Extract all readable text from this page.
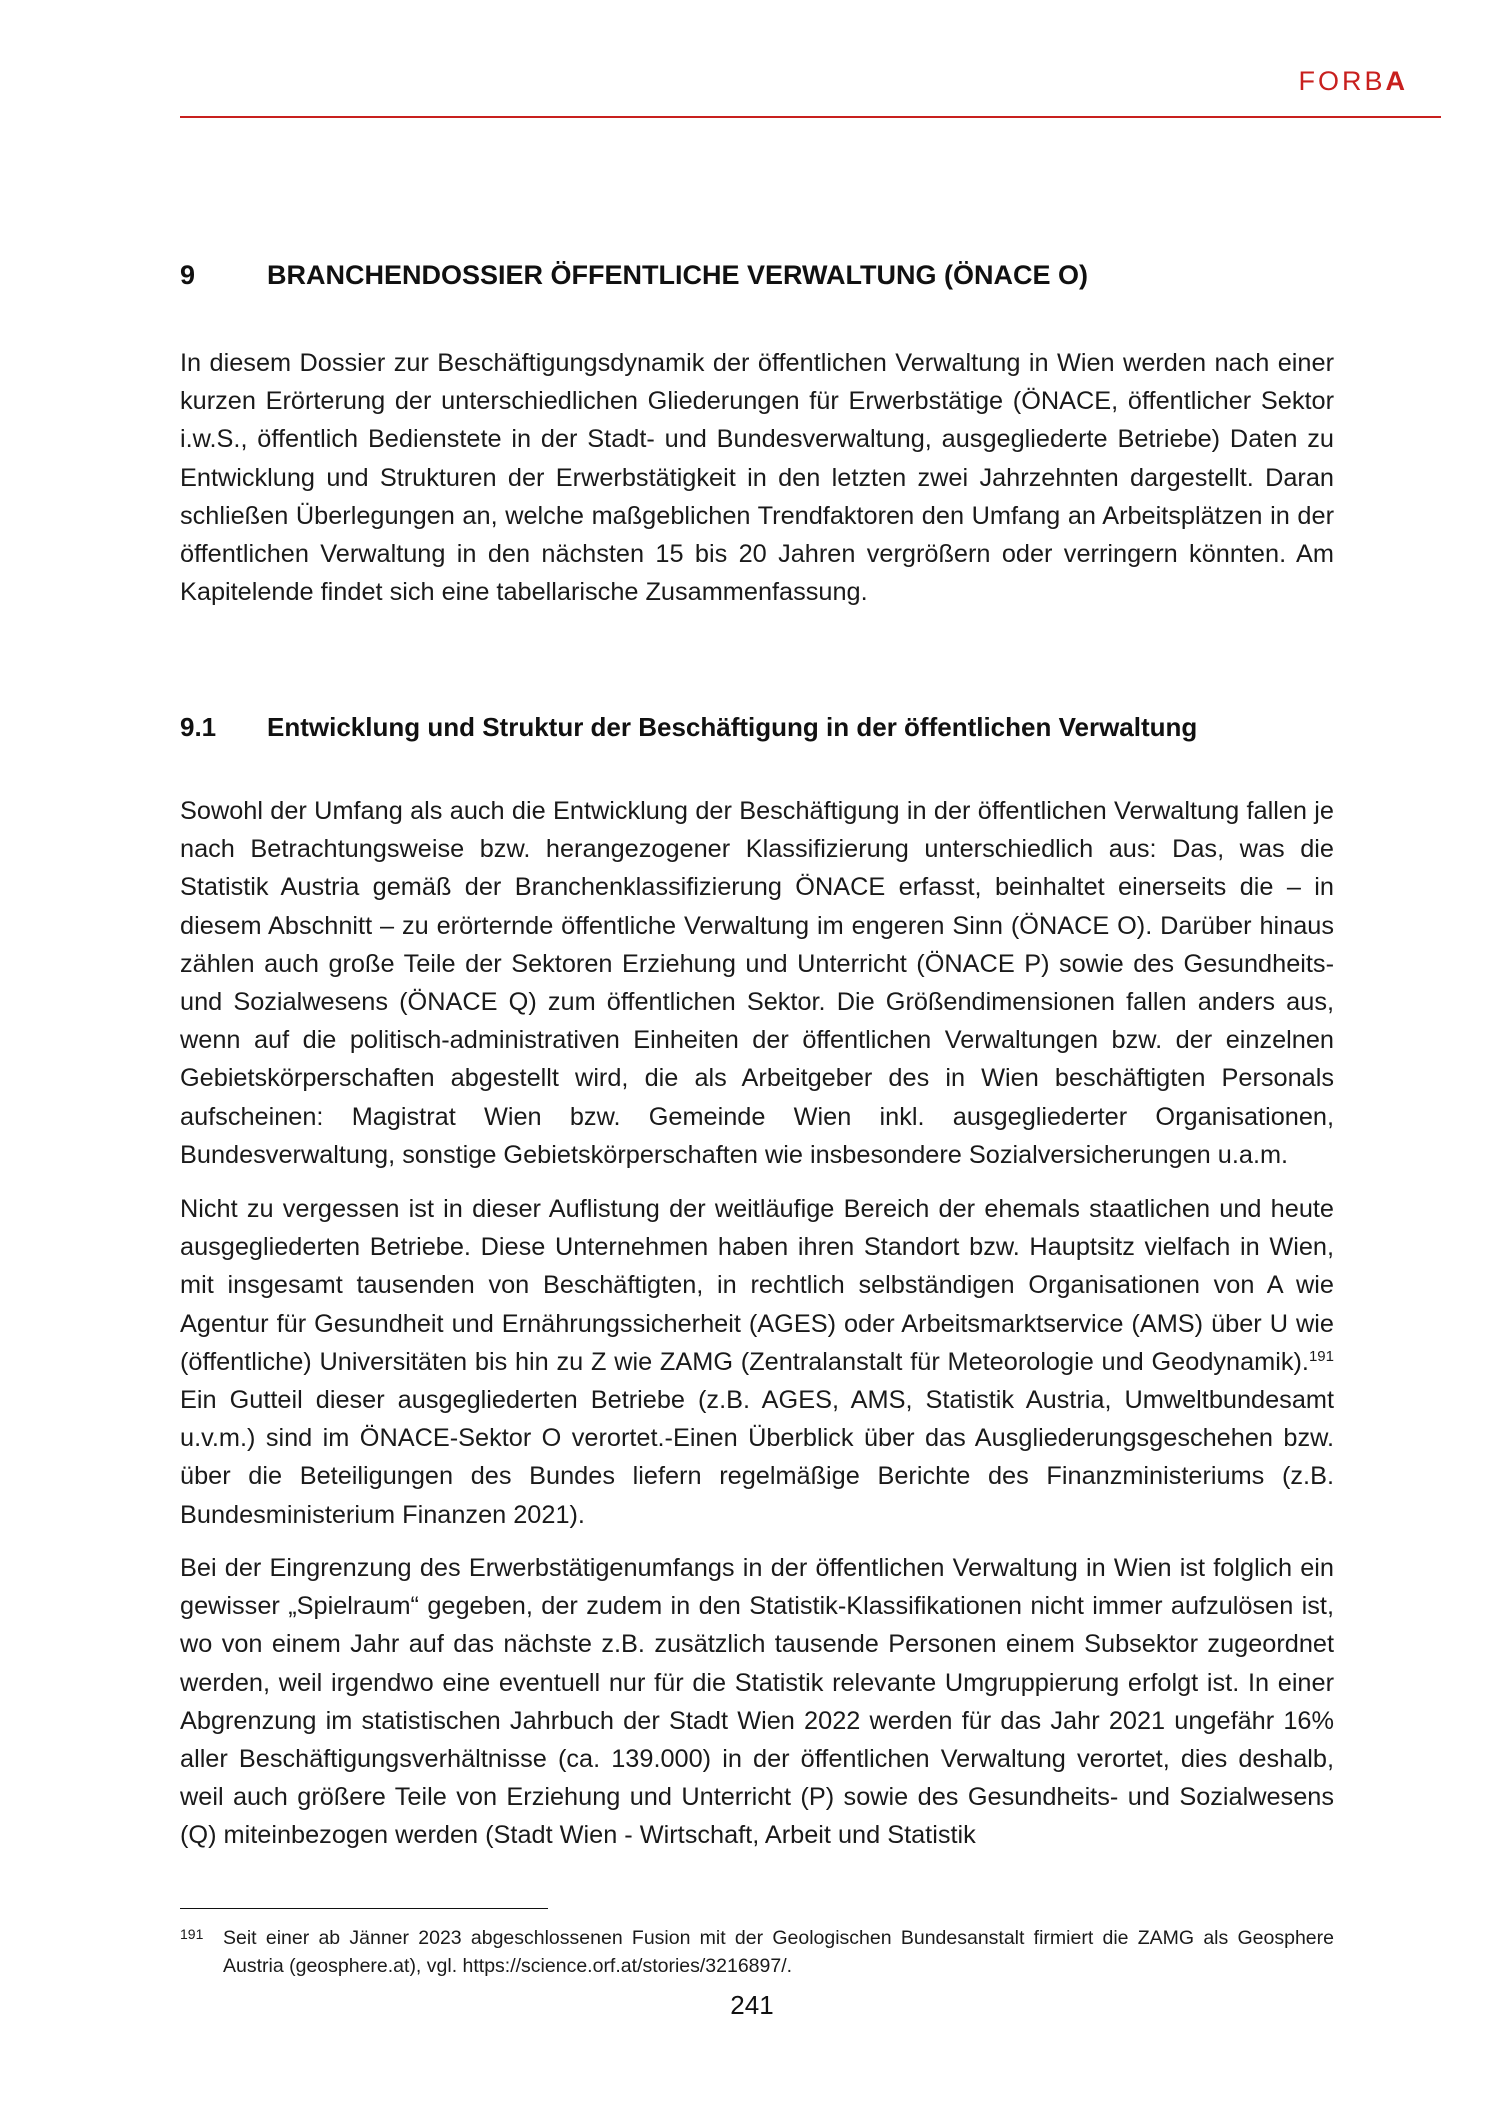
FORBA
9	BRANCHENDOSSIER ÖFFENTLICHE VERWALTUNG (ÖNACE O)

In diesem Dossier zur Beschäftigungsdynamik der öffentlichen Verwaltung in Wien werden nach einer kurzen Erörterung der unterschiedlichen Gliederungen für Erwerbstätige (ÖNACE, öffentlicher Sektor i.w.S., öffentlich Bedienstete in der Stadt- und Bundesverwaltung, ausgegliederte Betriebe) Daten zu Entwicklung und Strukturen der Erwerbstätigkeit in den letzten zwei Jahrzehnten dargestellt. Daran schließen Überlegungen an, welche maßgeblichen Trendfaktoren den Umfang an Arbeitsplätzen in der öffentlichen Verwaltung in den nächsten 15 bis 20 Jahren vergrößern oder verringern könnten. Am Kapitelende findet sich eine tabellarische Zusammenfassung.

9.1 Entwicklung und Struktur der Beschäftigung in der öffentlichen Verwaltung

Sowohl der Umfang als auch die Entwicklung der Beschäftigung in der öffentlichen Verwaltung fallen je nach Betrachtungsweise bzw. herangezogener Klassifizierung unterschiedlich aus: Das, was die Statistik Austria gemäß der Branchenklassifizierung ÖNACE erfasst, beinhaltet einerseits die – in diesem Abschnitt – zu erörternde öffentliche Verwaltung im engeren Sinn (ÖNACE O). Darüber hinaus zählen auch große Teile der Sektoren Erziehung und Unterricht (ÖNACE P) sowie des Gesundheits- und Sozialwesens (ÖNACE Q) zum öffentlichen Sektor. Die Größendimensionen fallen anders aus, wenn auf die politisch-administrativen Einheiten der öffentlichen Verwaltungen bzw. der einzelnen Gebietskörperschaften abgestellt wird, die als Arbeitgeber des in Wien beschäftigten Personals aufscheinen: Magistrat Wien bzw. Gemeinde Wien inkl. ausgegliederter Organisationen, Bundesverwaltung, sonstige Gebietskörperschaften wie insbesondere Sozialversicherungen u.a.m.

Nicht zu vergessen ist in dieser Auflistung der weitläufige Bereich der ehemals staatlichen und heute ausgegliederten Betriebe. Diese Unternehmen haben ihren Standort bzw. Hauptsitz vielfach in Wien, mit insgesamt tausenden von Beschäftigten, in rechtlich selbständigen Organisationen von A wie Agentur für Gesundheit und Ernährungssicherheit (AGES) oder Arbeitsmarktservice (AMS) über U wie (öffentliche) Universitäten bis hin zu Z wie ZAMG (Zentralanstalt für Meteorologie und Geodynamik).$^{191}$ Ein Gutteil dieser ausgegliederten Betriebe (z.B. AGES, AMS, Statistik Austria, Umweltbundesamt u.v.m.) sind im ÖNACE-Sektor O verortet.-Einen Überblick über das Ausgliederungsgeschehen bzw. über die Beteiligungen des Bundes liefern regelmäßige Berichte des Finanzministeriums (z.B. Bundesministerium Finanzen 2021).

Bei der Eingrenzung des Erwerbstätigenumfangs in der öffentlichen Verwaltung in Wien ist folglich ein gewisser „Spielraum“ gegeben, der zudem in den Statistik-Klassifikationen nicht immer aufzulösen ist, wo von einem Jahr auf das nächste z.B. zusätzlich tausende Personen einem Subsektor zugeordnet werden, weil irgendwo eine eventuell nur für die Statistik relevante Umgruppierung erfolgt ist. In einer Abgrenzung im statistischen Jahrbuch der Stadt Wien 2022 werden für das Jahr 2021 ungefähr 16% aller Beschäftigungsverhältnisse (ca. 139.000) in der öffentlichen Verwaltung verortet, dies deshalb, weil auch größere Teile von Erziehung und Unterricht (P) sowie des Gesundheits- und Sozialwesens (Q) miteinbezogen werden (Stadt Wien - Wirtschaft, Arbeit und Statistik

191 Seit einer ab Jänner 2023 abgeschlossenen Fusion mit der Geologischen Bundesanstalt firmiert die ZAMG als Geosphere Austria (geosphere.at), vgl. https://science.orf.at/stories/3216897/.
241
